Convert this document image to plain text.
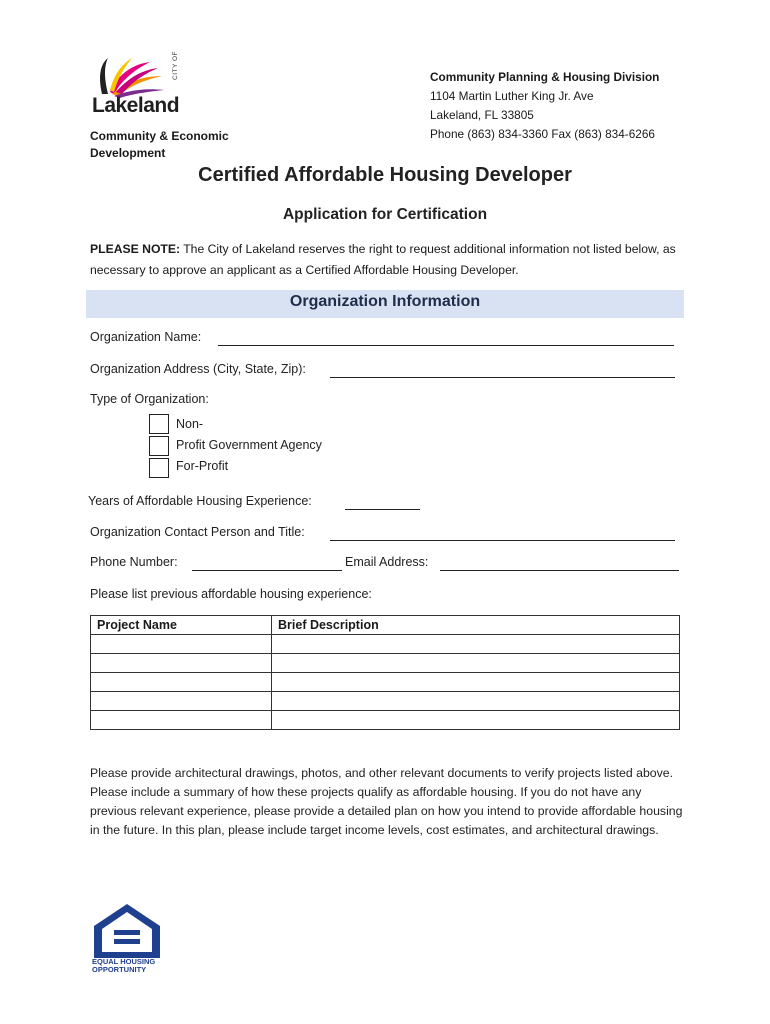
CITY OF
Lakeland
Community & Economic
Development
Community Planning & Housing Division
1104 Martin Luther King Jr. Ave
Lakeland, FL 33805
Phone (863) 834-3360 Fax (863) 834-6266
Certified Affordable Housing Developer
Application for Certification
PLEASE NOTE: The City of Lakeland reserves the right to request additional information not listed below, as necessary to approve an applicant as a Certified Affordable Housing Developer.
Organization Information
Organization Name:
Organization Address (City, State, Zip):
Type of Organization:
Non-
Profit Government Agency
For-Profit
Years of Affordable Housing Experience:
Organization Contact Person and Title:
Phone Number:	Email Address:
Please list previous affordable housing experience:
Project Name	Brief Description

Please provide architectural drawings, photos, and other relevant documents to verify projects listed above. Please include a summary of how these projects qualify as affordable housing. If you do not have any previous relevant experience, please provide a detailed plan on how you intend to provide affordable housing in the future. In this plan, please include target income levels, cost estimates, and architectural drawings.
EQUAL HOUSING
OPPORTUNITY
